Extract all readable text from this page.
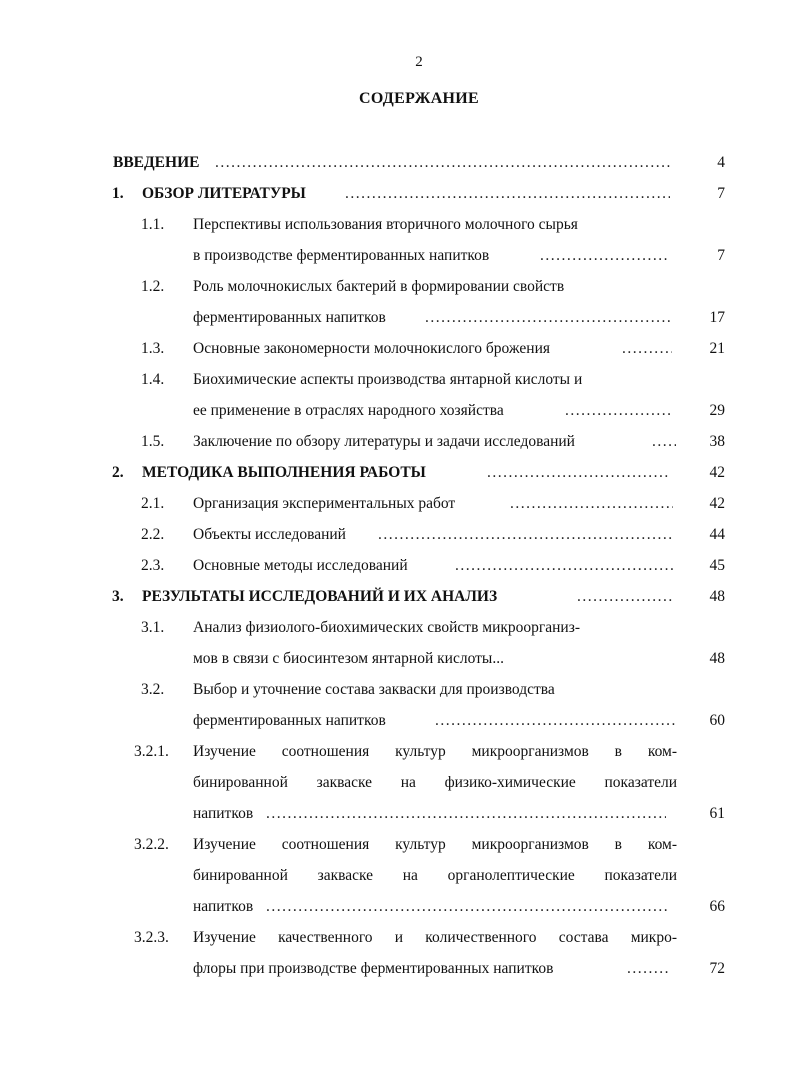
2
СОДЕРЖАНИЕ
ВВЕДЕНИЕ .....	4
1. ОБЗОР ЛИТЕРАТУРЫ .....	7
1.1. Перспективы использования вторичного молочного сырья
в производстве ферментированных напитков .....	7
1.2. Роль молочнокислых бактерий в формировании свойств
ферментированных напитков .....	17
1.3. Основные закономерности молочнокислого брожения .....	21
1.4. Биохимические аспекты производства янтарной кислоты и
ее применение в отраслях народного хозяйства .....	29
1.5. Заключение по обзору литературы и задачи исследований .....	38
2. МЕТОДИКА ВЫПОЛНЕНИЯ РАБОТЫ .....	42
2.1. Организация экспериментальных работ .....	42
2.2. Объекты исследований .....	44
2.3. Основные методы исследований .....	45
3. РЕЗУЛЬТАТЫ ИССЛЕДОВАНИЙ И ИХ АНАЛИЗ .....	48
3.1. Анализ физиолого-биохимических свойств микроорганиз-
мов в связи с биосинтезом янтарной кислоты...	48
3.2. Выбор и уточнение состава закваски для производства
ферментированных напитков .....	60
3.2.1. Изучение соотношения культур микроорганизмов в ком-
бинированной закваске на физико-химические показатели
напитков .....	61
3.2.2. Изучение соотношения культур микроорганизмов в ком-
бинированной закваске на органолептические показатели
напитков .....	66
3.2.3. Изучение качественного и количественного состава микро-
флоры при производстве ферментированных напитков .....	72
